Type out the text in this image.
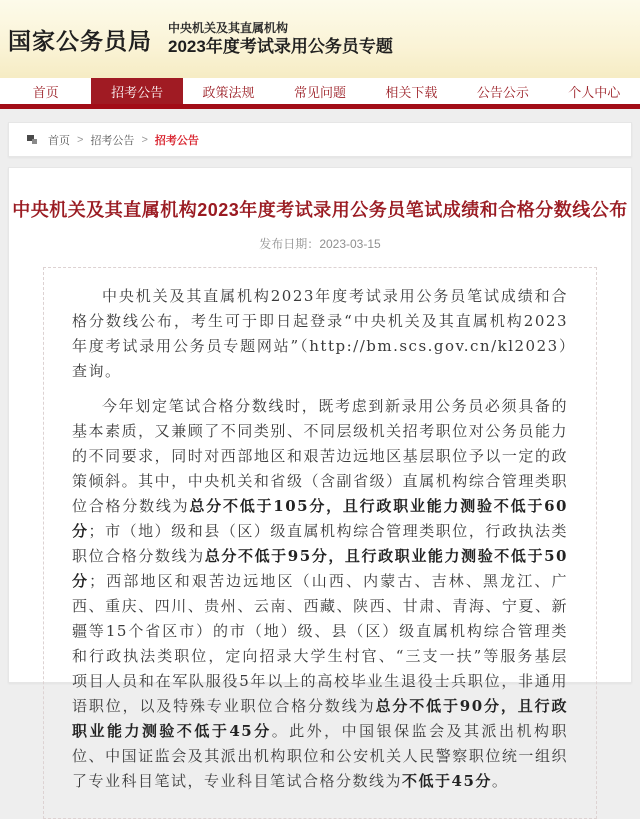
国家公务员局 中央机关及其直属机构
2023年度考试录用公务员专题
首页	招考公告	政策法规	常见问题	相关下载	公告公示	个人中心
首页 > 招考公告 > 招考公告
中央机关及其直属机构2023年度考试录用公务员笔试成绩和合格分数线公布
发布日期：2023-03-15

中央机关及其直属机构2023年度考试录用公务员笔试成绩和合格分数线公布，考生可于即日起登录“中央机关及其直属机构2023年度考试录用公务员专题网站”（http://bm.scs.gov.cn/kl2023）查询。

今年划定笔试合格分数线时，既考虑到新录用公务员必须具备的基本素质，又兼顾了不同类别、不同层级机关招考职位对公务员能力的不同要求，同时对西部地区和艰苦边远地区基层职位予以一定的政策倾斜。其中，中央机关和省级（含副省级）直属机构综合管理类职位合格分数线为总分不低于105分，且行政职业能力测验不低于60分；市（地）级和县（区）级直属机构综合管理类职位，行政执法类职位合格分数线为总分不低于95分，且行政职业能力测验不低于50分；西部地区和艰苦边远地区（山西、内蒙古、吉林、黑龙江、广西、重庆、四川、贵州、云南、西藏、陕西、甘肃、青海、宁夏、新疆等15个省区市）的市（地）级、县（区）级直属机构综合管理类和行政执法类职位，定向招录大学生村官、“三支一扶”等服务基层项目人员和在军队服役5年以上的高校毕业生退役士兵职位，非通用语职位，以及特殊专业职位合格分数线为总分不低于90分，且行政职业能力测验不低于45分。此外，中国银保监会及其派出机构职位、中国证监会及其派出机构职位和公安机关人民警察职位统一组织了专业科目笔试，专业科目笔试合格分数线为不低于45分。
